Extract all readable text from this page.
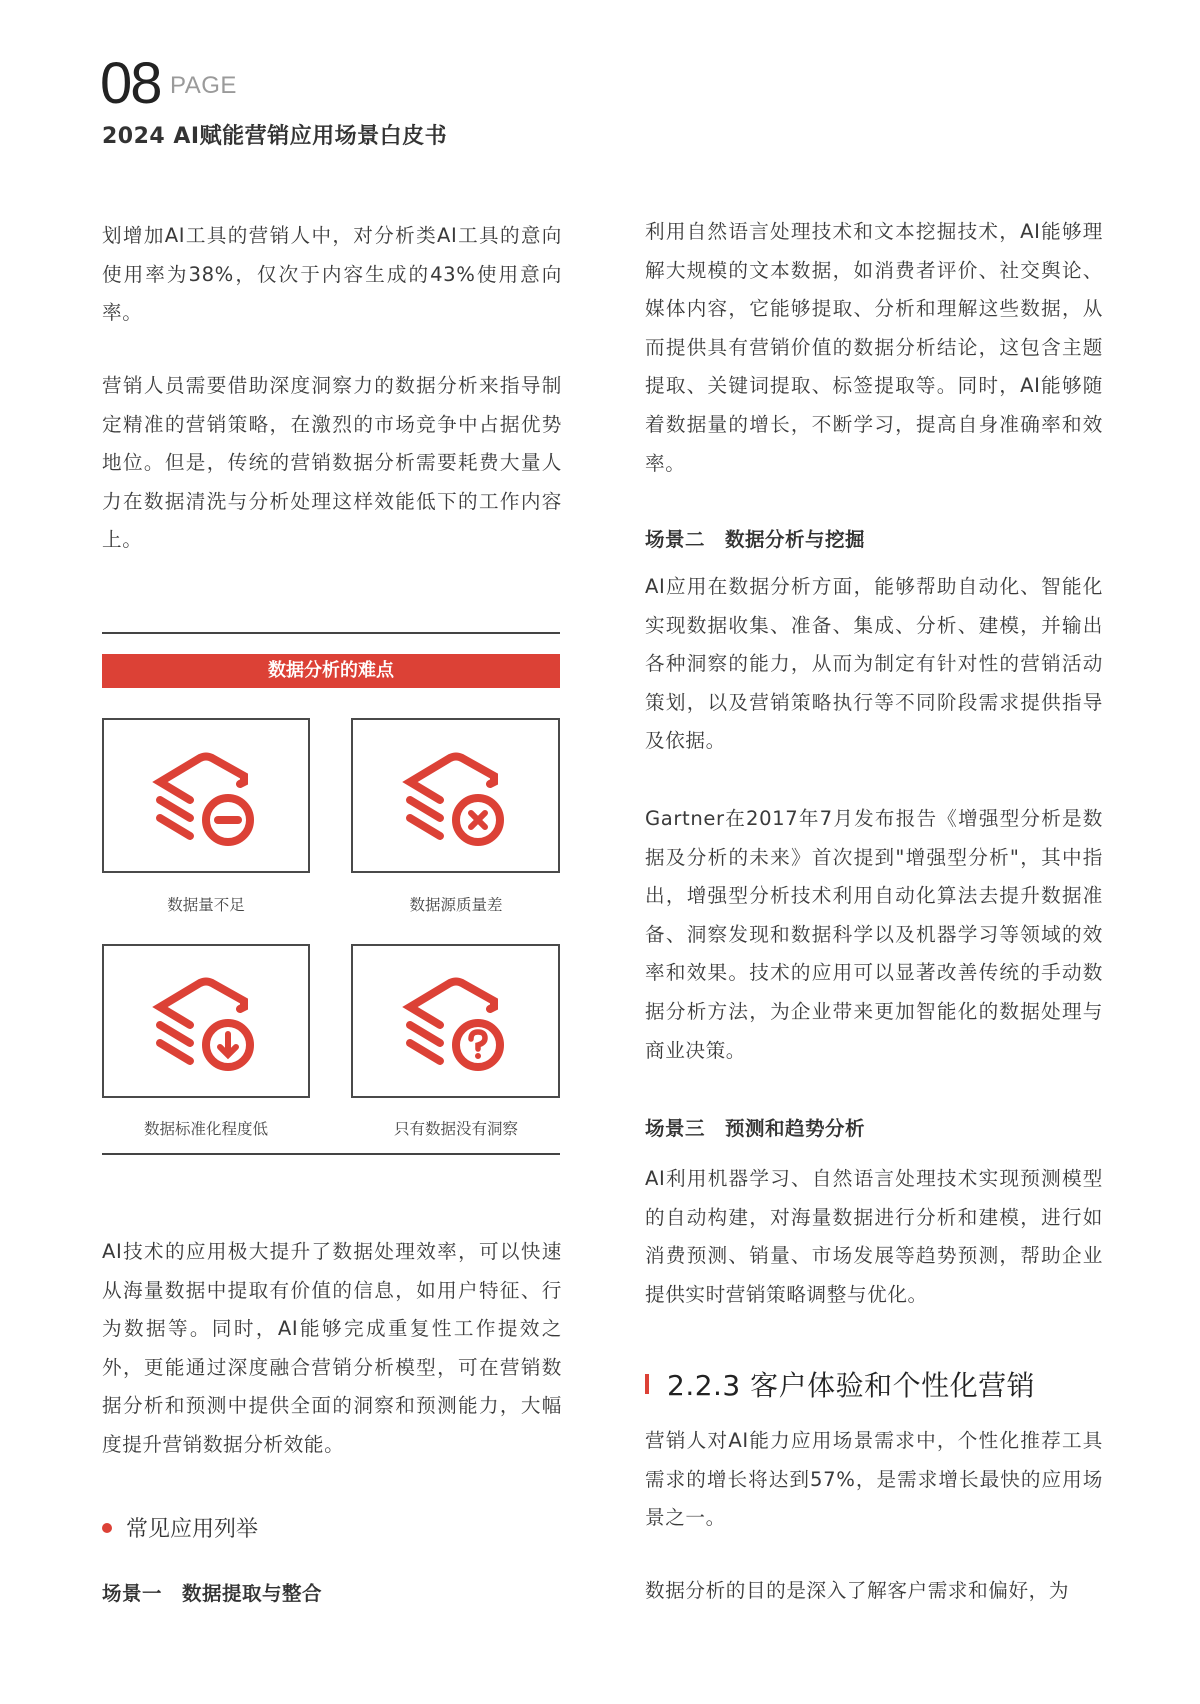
08 PAGE
2024 AI赋能营销应用场景白皮书

划增加AI工具的营销人中，对分析类AI工具的意向使用率为38%，仅次于内容生成的43%使用意向率。

营销人员需要借助深度洞察力的数据分析来指导制定精准的营销策略，在激烈的市场竞争中占据优势地位。但是，传统的营销数据分析需要耗费大量人力在数据清洗与分析处理这样效能低下的工作内容上。

数据分析的难点
数据量不足	数据源质量差
数据标准化程度低	只有数据没有洞察

AI技术的应用极大提升了数据处理效率，可以快速从海量数据中提取有价值的信息，如用户特征、行为数据等。同时，AI能够完成重复性工作提效之外，更能通过深度融合营销分析模型，可在营销数据分析和预测中提供全面的洞察和预测能力，大幅度提升营销数据分析效能。

常见应用列举
场景一　数据提取与整合

利用自然语言处理技术和文本挖掘技术，AI能够理解大规模的文本数据，如消费者评价、社交舆论、媒体内容，它能够提取、分析和理解这些数据，从而提供具有营销价值的数据分析结论，这包含主题提取、关键词提取、标签提取等。同时，AI能够随着数据量的增长，不断学习，提高自身准确率和效率。

场景二　数据分析与挖掘

AI应用在数据分析方面，能够帮助自动化、智能化实现数据收集、准备、集成、分析、建模，并输出各种洞察的能力，从而为制定有针对性的营销活动策划，以及营销策略执行等不同阶段需求提供指导及依据。

Gartner在2017年7月发布报告《增强型分析是数据及分析的未来》首次提到"增强型分析"，其中指出，增强型分析技术利用自动化算法去提升数据准备、洞察发现和数据科学以及机器学习等领域的效率和效果。技术的应用可以显著改善传统的手动数据分析方法，为企业带来更加智能化的数据处理与商业决策。

场景三　预测和趋势分析

AI利用机器学习、自然语言处理技术实现预测模型的自动构建，对海量数据进行分析和建模，进行如消费预测、销量、市场发展等趋势预测，帮助企业提供实时营销策略调整与优化。

2.2.3 客户体验和个性化营销

营销人对AI能力应用场景需求中，个性化推荐工具需求的增长将达到57%，是需求增长最快的应用场景之一。

数据分析的目的是深入了解客户需求和偏好，为
